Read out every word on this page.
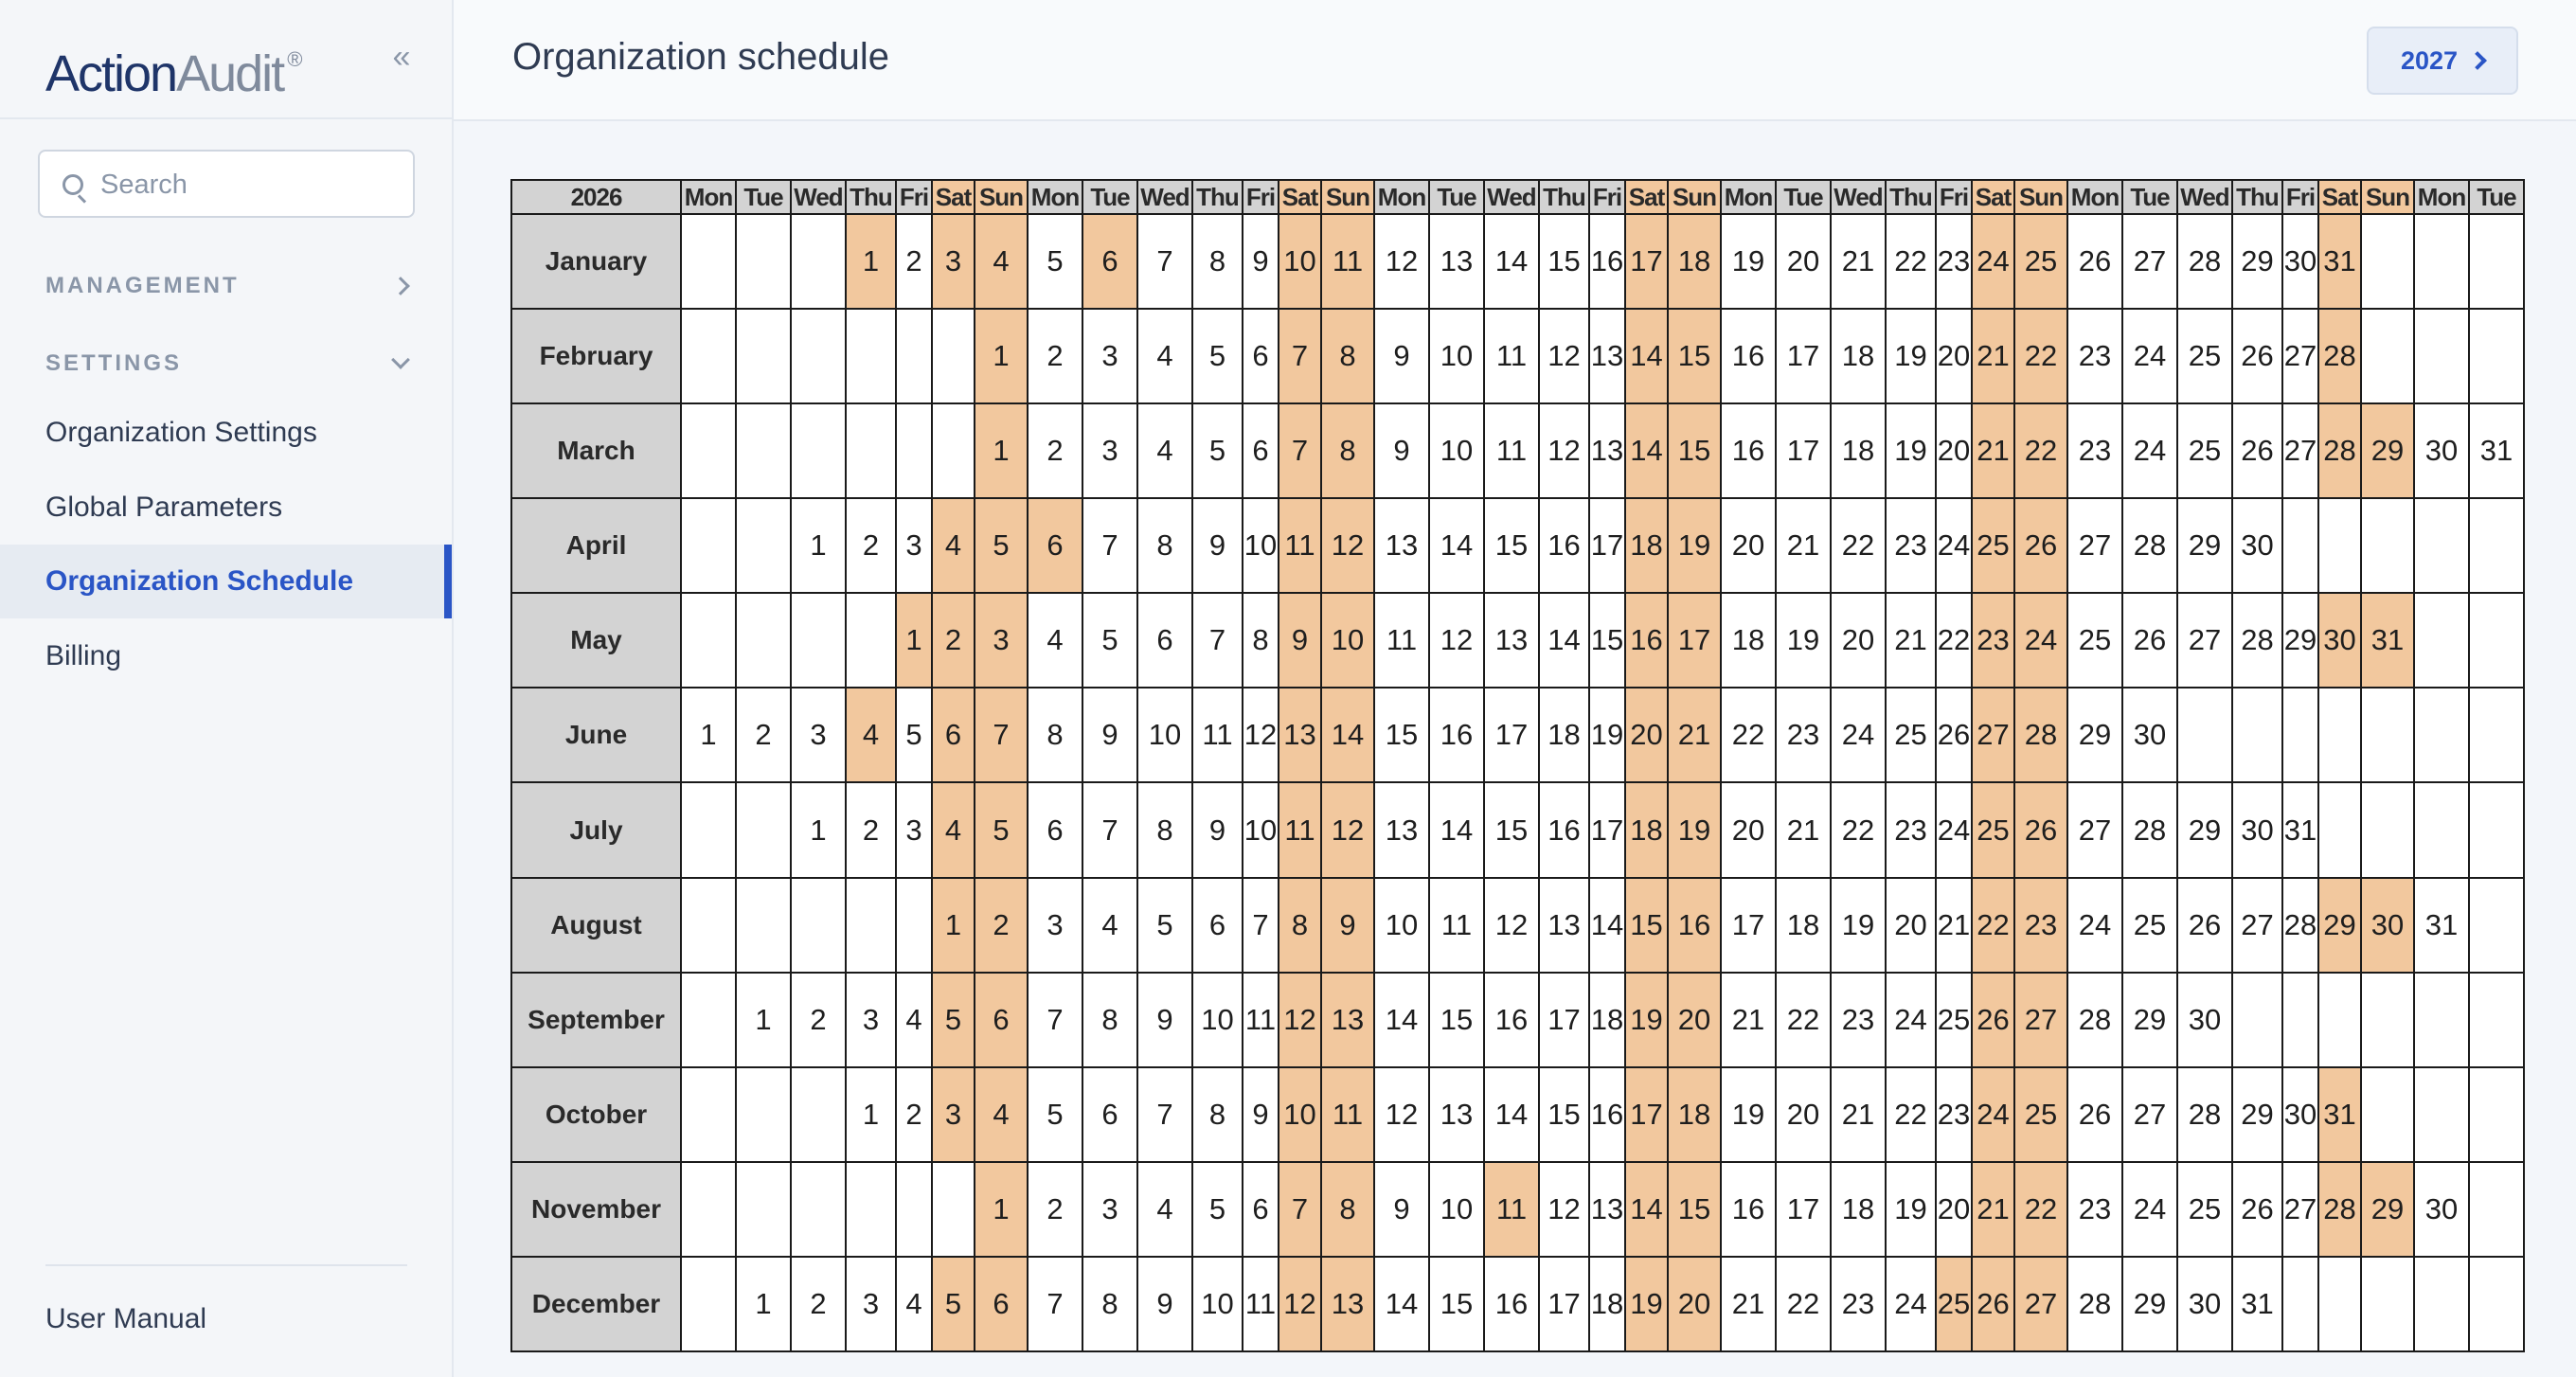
ActionAudit ®	«
Search
MANAGEMENT
SETTINGS
Organization Settings
Global Parameters
Organization Schedule
Billing
User Manual
Organization schedule	2027
2026	Mon	Tue	Wed	Thu	Fri	Sat	Sun	Mon	Tue	Wed	Thu	Fri	Sat	Sun	Mon	Tue	Wed	Thu	Fri	Sat	Sun	Mon	Tue	Wed	Thu	Fri	Sat	Sun	Mon	Tue	Wed	Thu	Fri	Sat	Sun	Mon	Tue
January				1	2	3	4	5	6	7	8	9	10	11	12	13	14	15	16	17	18	19	20	21	22	23	24	25	26	27	28	29	30	31			
February							1	2	3	4	5	6	7	8	9	10	11	12	13	14	15	16	17	18	19	20	21	22	23	24	25	26	27	28			
March							1	2	3	4	5	6	7	8	9	10	11	12	13	14	15	16	17	18	19	20	21	22	23	24	25	26	27	28	29	30	31
April			1	2	3	4	5	6	7	8	9	10	11	12	13	14	15	16	17	18	19	20	21	22	23	24	25	26	27	28	29	30					
May					1	2	3	4	5	6	7	8	9	10	11	12	13	14	15	16	17	18	19	20	21	22	23	24	25	26	27	28	29	30	31		
June	1	2	3	4	5	6	7	8	9	10	11	12	13	14	15	16	17	18	19	20	21	22	23	24	25	26	27	28	29	30							
July			1	2	3	4	5	6	7	8	9	10	11	12	13	14	15	16	17	18	19	20	21	22	23	24	25	26	27	28	29	30	31				
August						1	2	3	4	5	6	7	8	9	10	11	12	13	14	15	16	17	18	19	20	21	22	23	24	25	26	27	28	29	30	31	
September		1	2	3	4	5	6	7	8	9	10	11	12	13	14	15	16	17	18	19	20	21	22	23	24	25	26	27	28	29	30						
October				1	2	3	4	5	6	7	8	9	10	11	12	13	14	15	16	17	18	19	20	21	22	23	24	25	26	27	28	29	30	31			
November							1	2	3	4	5	6	7	8	9	10	11	12	13	14	15	16	17	18	19	20	21	22	23	24	25	26	27	28	29	30	
December		1	2	3	4	5	6	7	8	9	10	11	12	13	14	15	16	17	18	19	20	21	22	23	24	25	26	27	28	29	30	31					
